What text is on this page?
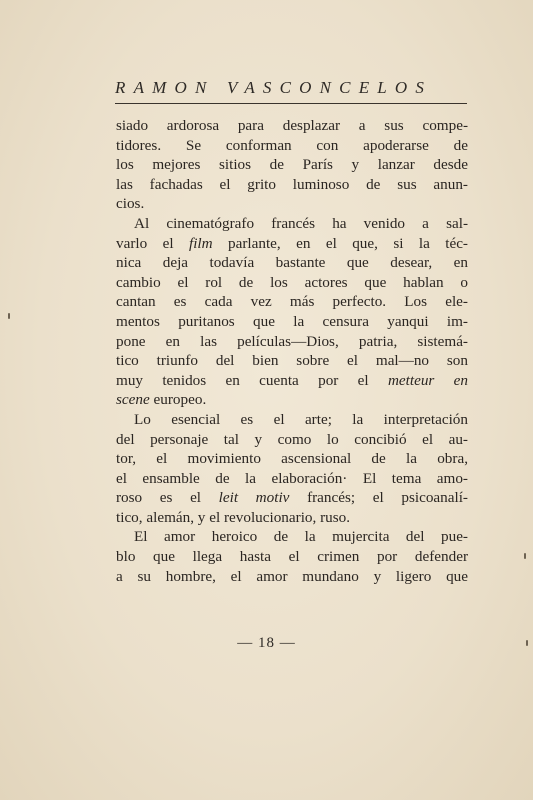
RAMON VASCONCELOS
siado ardorosa para desplazar a sus compe-
tidores. Se conforman con apoderarse de
los mejores sitios de París y lanzar desde
las fachadas el grito luminoso de sus anun-
cios.
Al cinematógrafo francés ha venido a sal-
varlo el film parlante, en el que, si la téc-
nica deja todavía bastante que desear, en
cambio el rol de los actores que hablan o
cantan es cada vez más perfecto. Los ele-
mentos puritanos que la censura yanqui im-
pone en las películas—Dios, patria, sistemá-
tico triunfo del bien sobre el mal—no son
muy tenidos en cuenta por el metteur en
scene europeo.
Lo esencial es el arte; la interpretación
del personaje tal y como lo concibió el au-
tor, el movimiento ascensional de la obra,
el ensamble de la elaboración· El tema amo-
roso es el leit motiv francés; el psicoanalí-
tico, alemán, y el revolucionario, ruso.
El amor heroico de la mujercita del pue-
blo que llega hasta el crimen por defender
a su hombre, el amor mundano y ligero que
— 18 —
